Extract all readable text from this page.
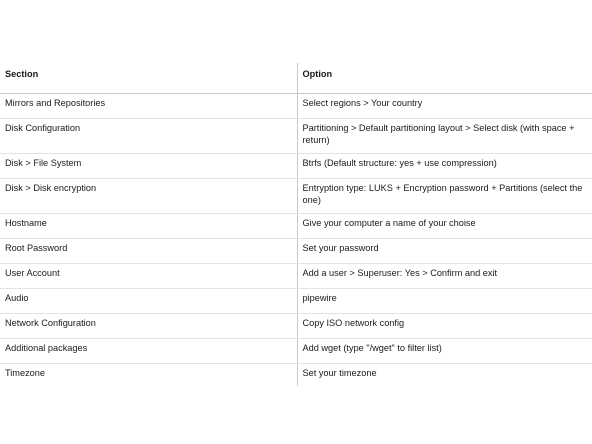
Section	Option
Mirrors and Repositories	Select regions > Your country
Disk Configuration	Partitioning > Default partitioning layout > Select disk (with space + return)
Disk > File System	Btrfs (Default structure: yes + use compression)
Disk > Disk encryption	Entryption type: LUKS + Encryption password + Partitions (select the one)
Hostname	Give your computer a name of your choise
Root Password	Set your password
User Account	Add a user > Superuser: Yes > Confirm and exit
Audio	pipewire
Network Configuration	Copy ISO network config
Additional packages	Add wget (type "/wget" to filter list)
Timezone	Set your timezone
